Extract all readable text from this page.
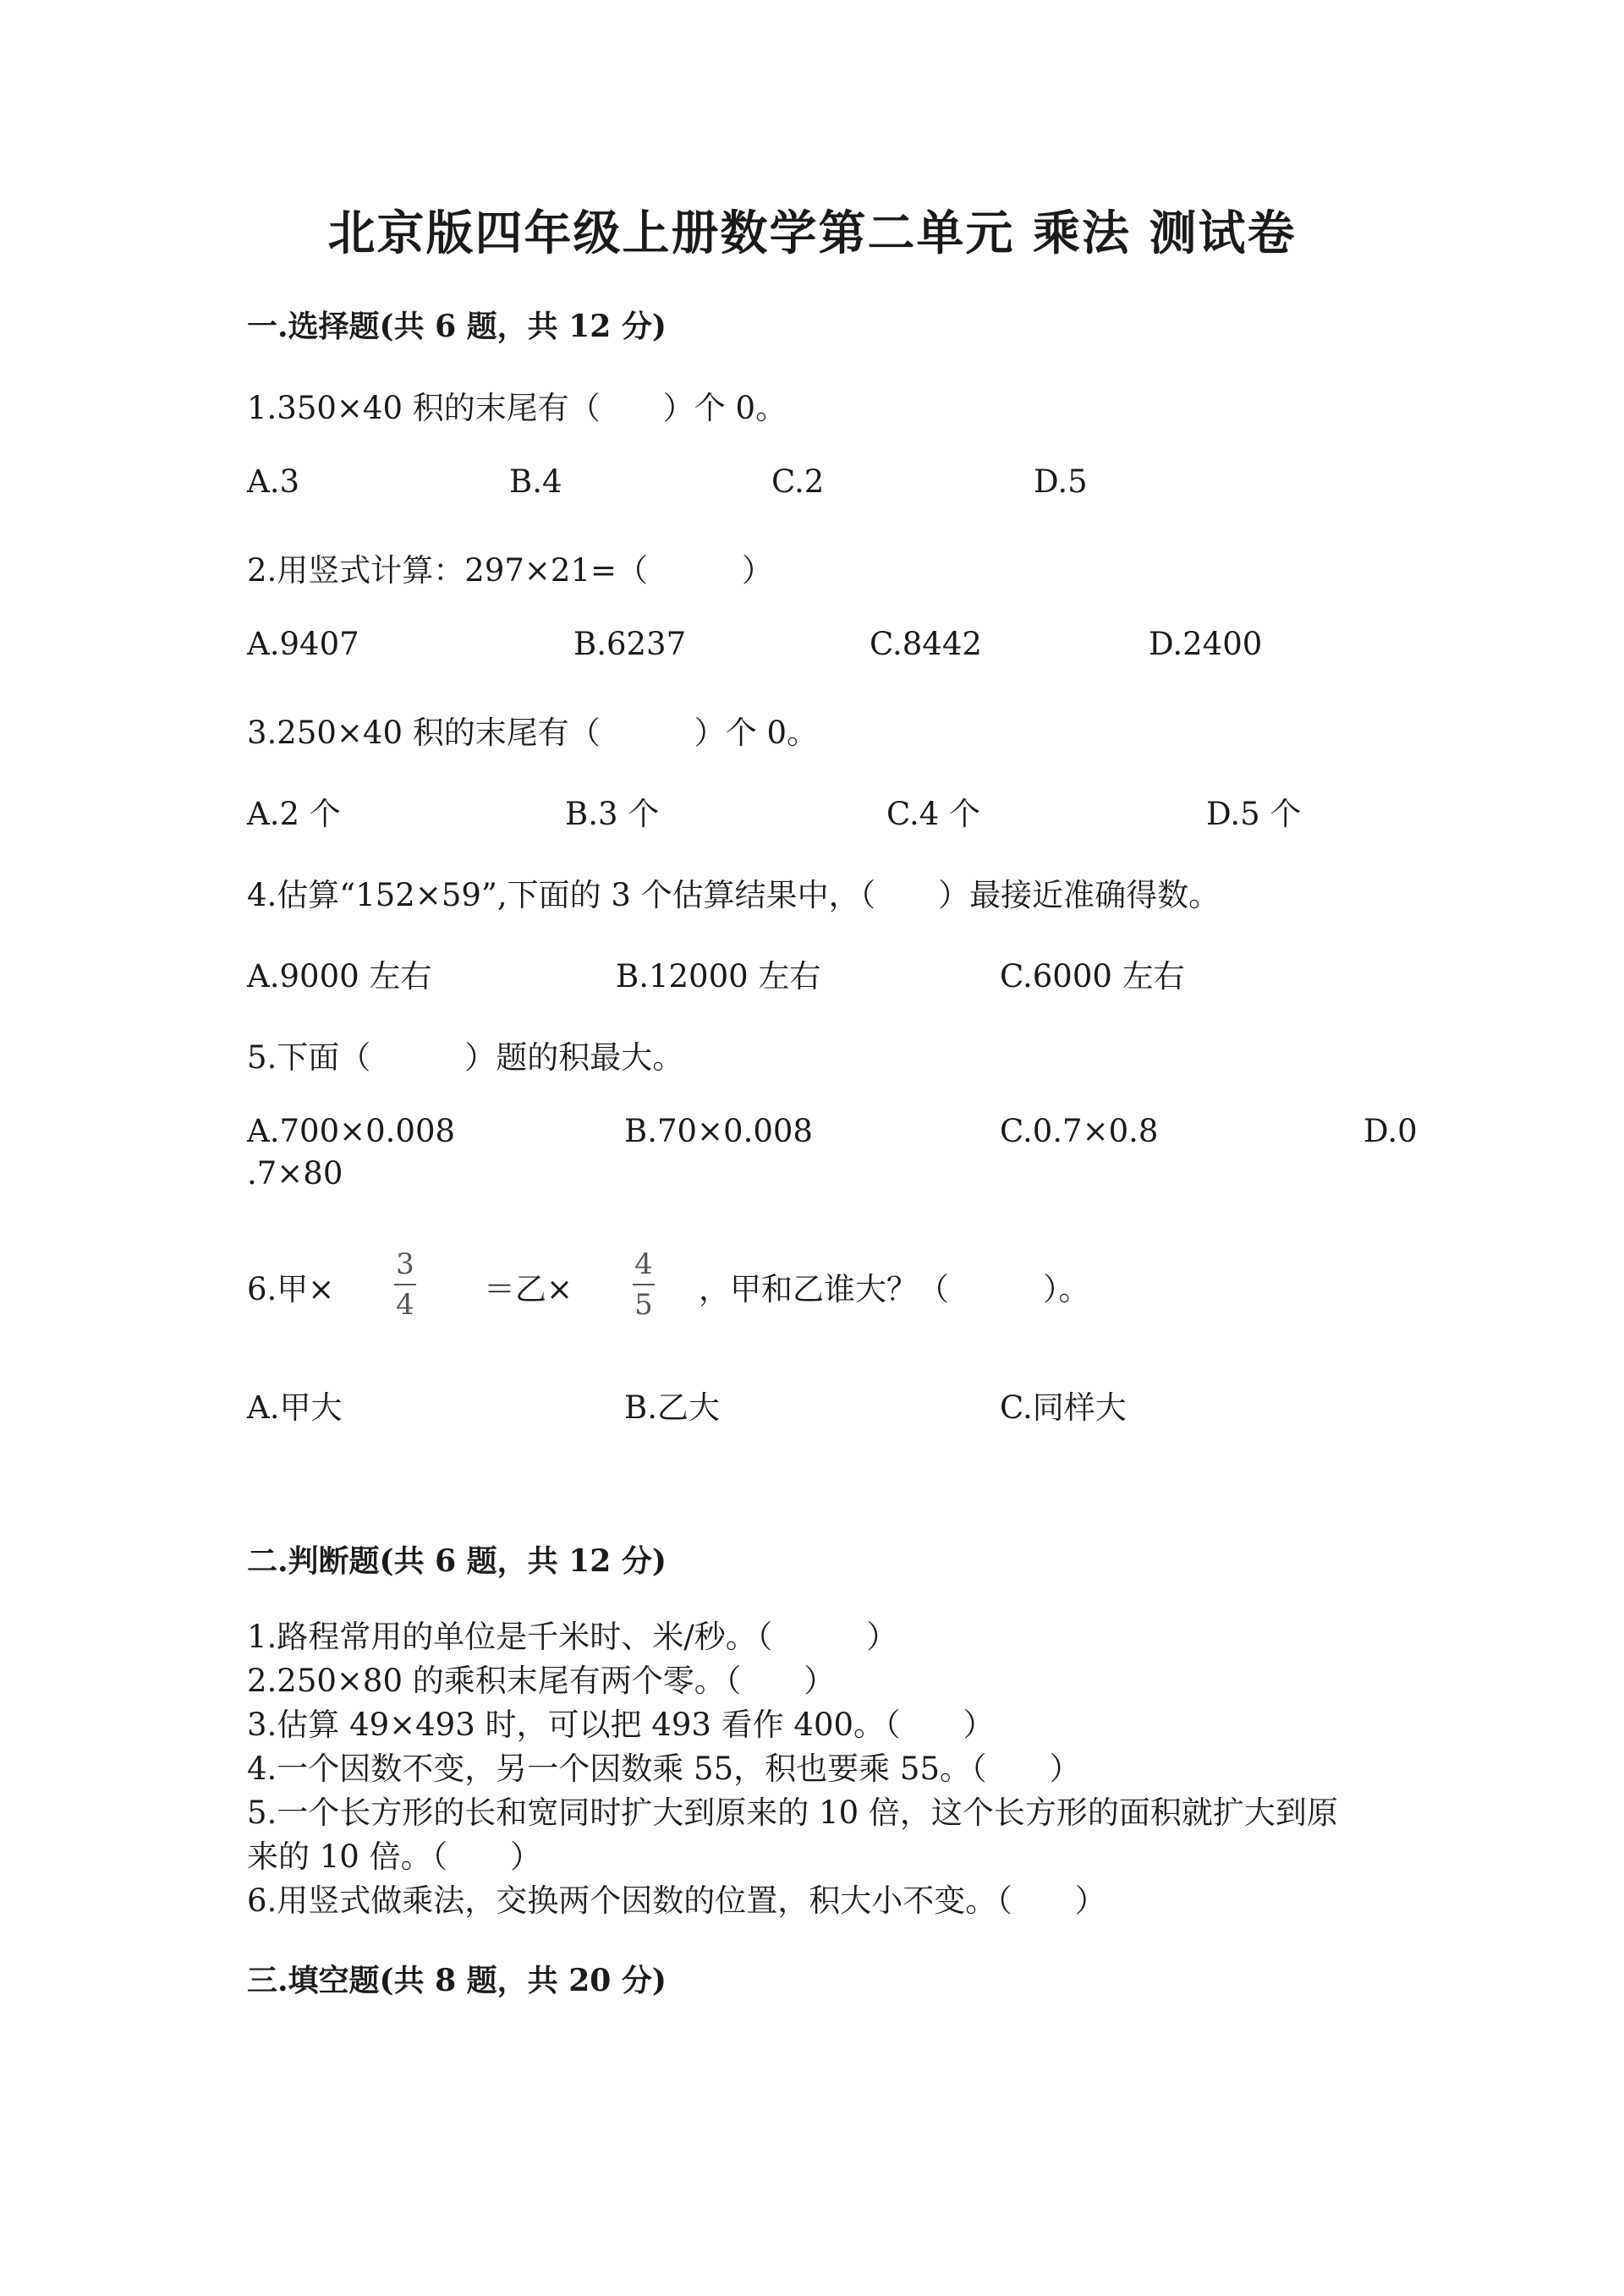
北京版四年级上册数学第二单元 乘法 测试卷
一.选择题(共 6 题，共 12 分)
1.350×40 积的末尾有（　　）个 0。
A.3	B.4	C.2	D.5
2.用竖式计算：297×21=（　　　）
A.9407	B.6237	C.8442	D.2400
3.250×40 积的末尾有（　　　）个 0。
A.2 个	B.3 个	C.4 个	D.5 个
4.估算“152×59”,下面的 3 个估算结果中，（　　）最接近准确得数。
A.9000 左右	B.12000 左右	C.6000 左右
5.下面（　　　）题的积最大。
A.700×0.008	B.70×0.008	C.0.7×0.8	D.0
.7×80
6.甲×
3
4 ＝乙×
4
5 ，甲和乙谁大？（　　　）。
A.甲大	B.乙大	C.同样大
二.判断题(共 6 题，共 12 分)
1.路程常用的单位是千米时、米/秒。（　　　）
2.250×80 的乘积末尾有两个零。（　　）
3.估算 49×493 时，可以把 493 看作 400。（　　）
4.一个因数不变，另一个因数乘 55，积也要乘 55。（　　）
5.一个长方形的长和宽同时扩大到原来的 10 倍，这个长方形的面积就扩大到原
来的 10 倍。（　　）
6.用竖式做乘法，交换两个因数的位置，积大小不变。（　　）
三.填空题(共 8 题，共 20 分)
